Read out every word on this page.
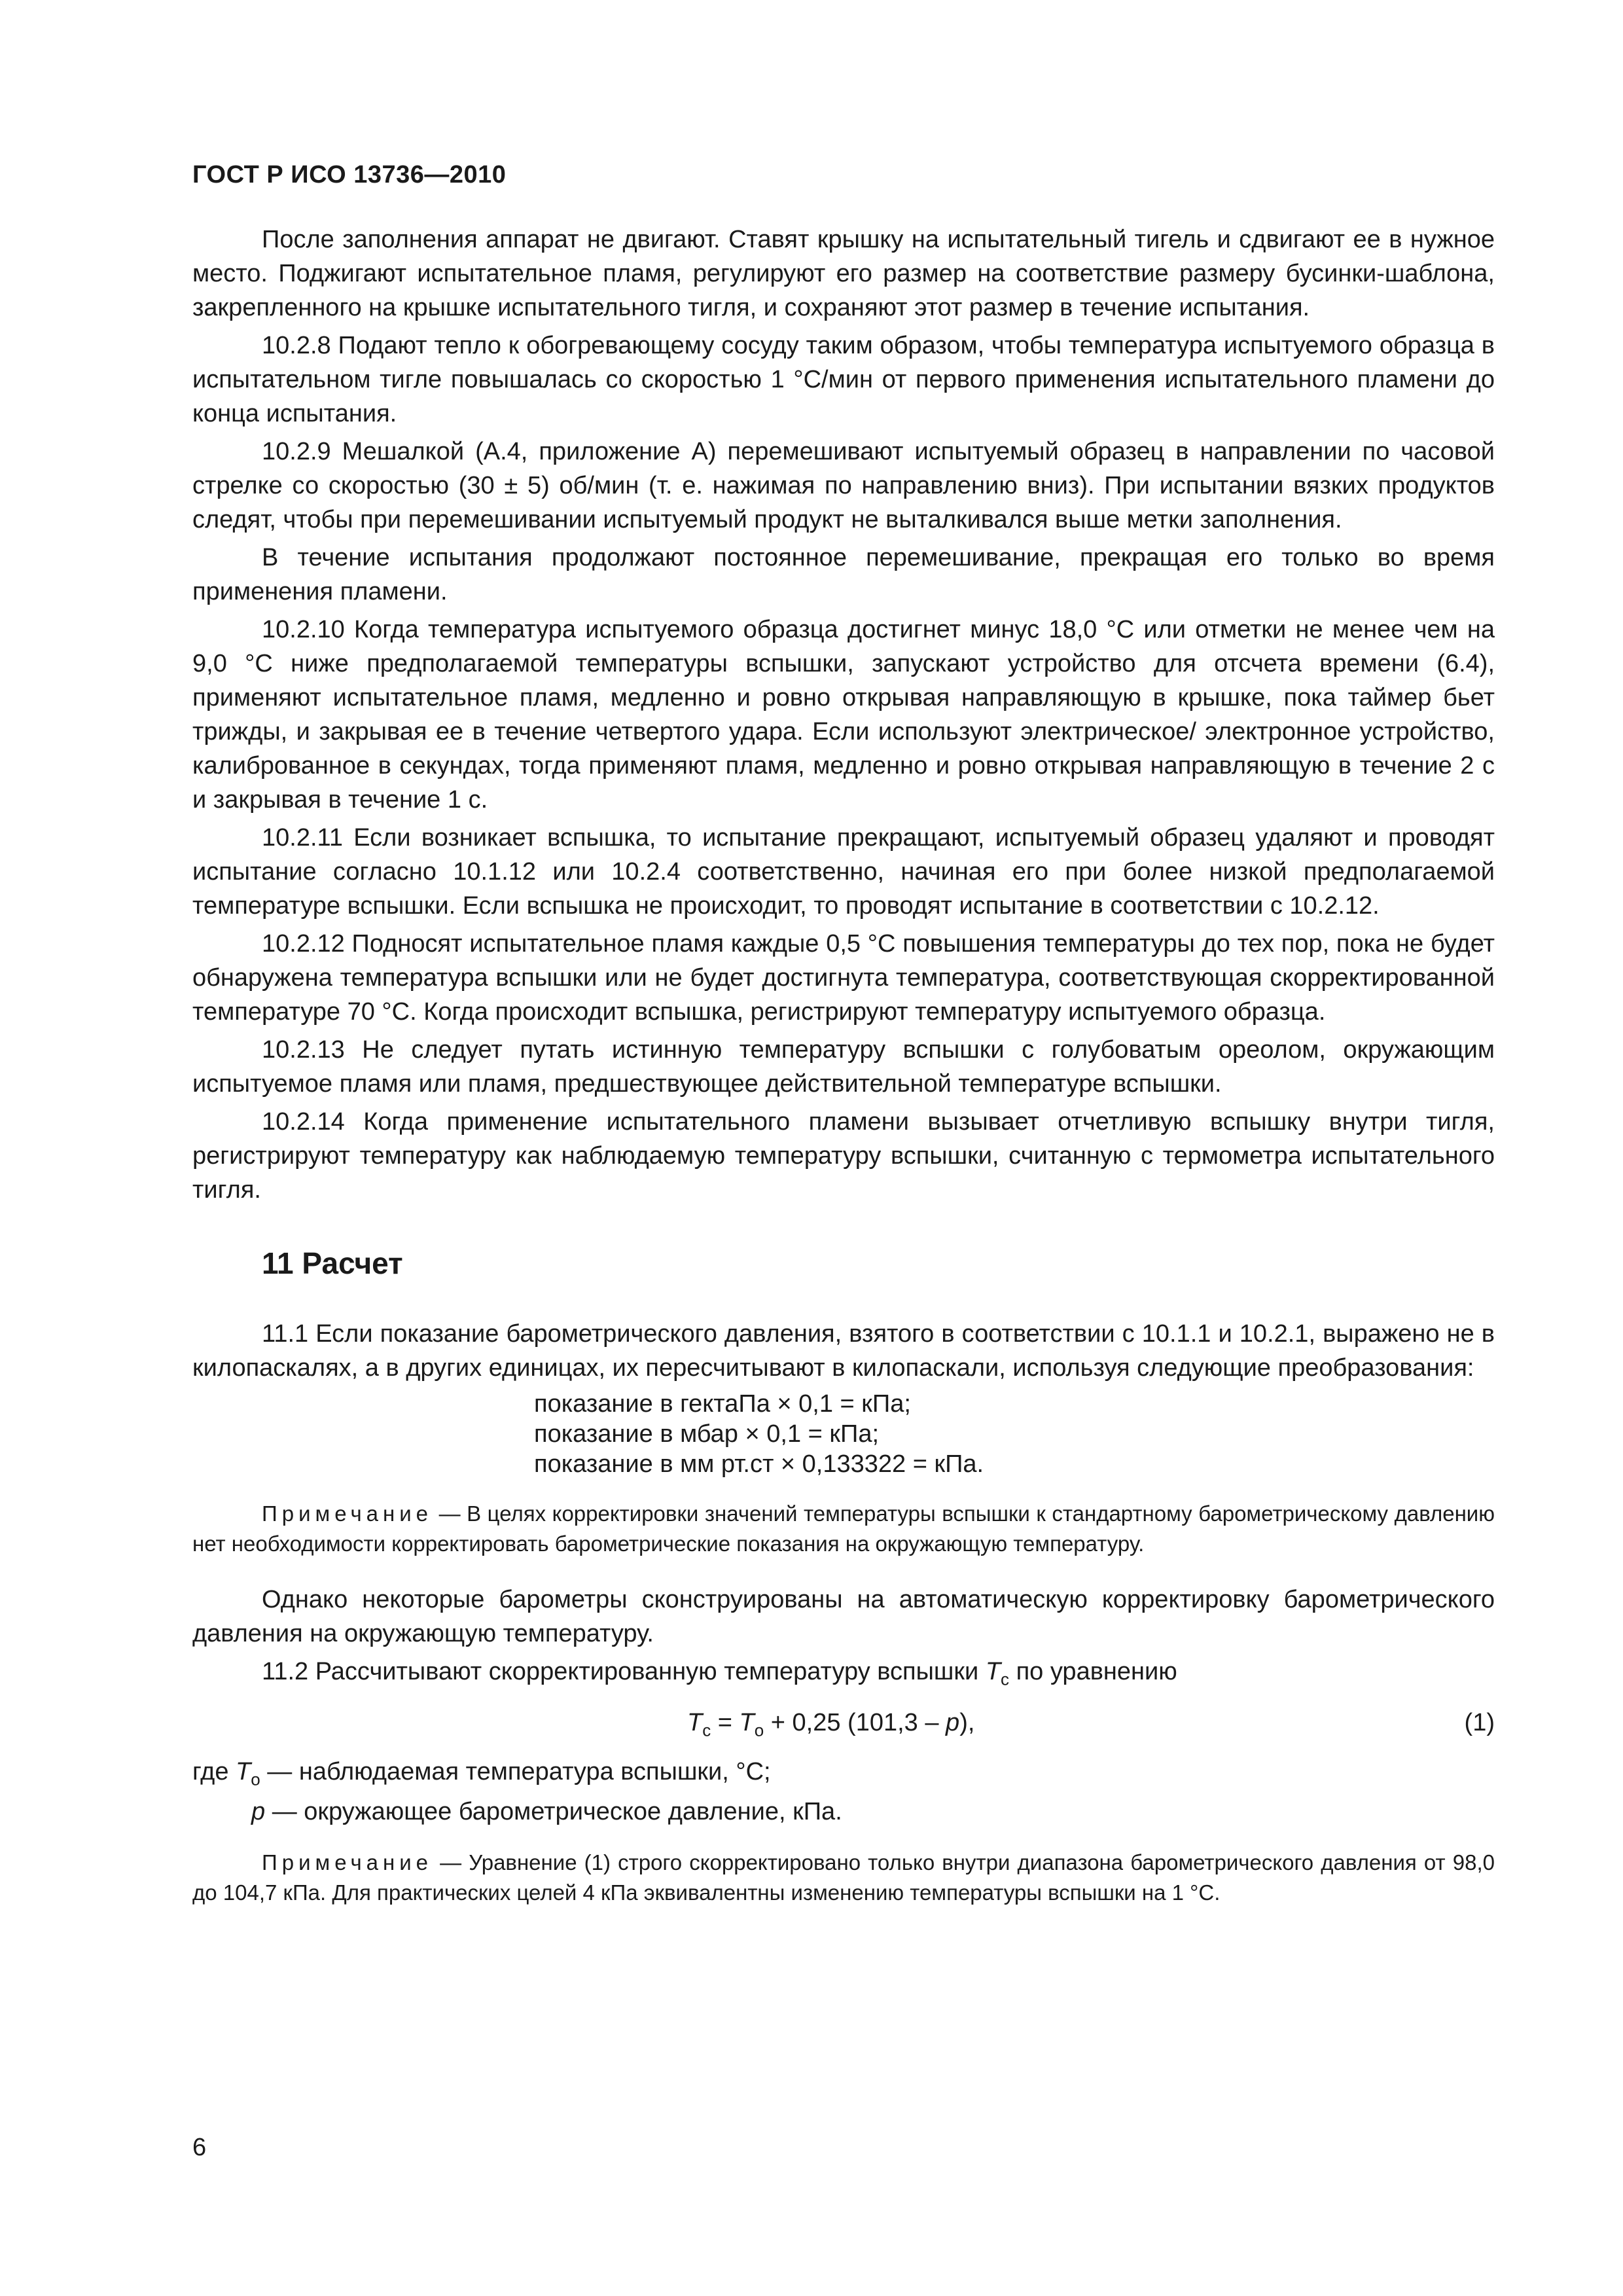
ГОСТ Р ИСО 13736—2010

После заполнения аппарат не двигают. Ставят крышку на испытательный тигель и сдвигают ее в нужное место. Поджигают испытательное пламя, регулируют его размер на соответствие размеру бусинки-шаблона, закрепленного на крышке испытательного тигля, и сохраняют этот размер в течение испытания.

10.2.8 Подают тепло к обогревающему сосуду таким образом, чтобы температура испытуемого образца в испытательном тигле повышалась со скоростью 1 °С/мин от первого применения испытательного пламени до конца испытания.

10.2.9 Мешалкой (А.4, приложение А) перемешивают испытуемый образец в направлении по часовой стрелке со скоростью (30 ± 5) об/мин (т. е. нажимая по направлению вниз). При испытании вязких продуктов следят, чтобы при перемешивании испытуемый продукт не выталкивался выше метки заполнения.

В течение испытания продолжают постоянное перемешивание, прекращая его только во время применения пламени.

10.2.10 Когда температура испытуемого образца достигнет минус 18,0 °С или отметки не менее чем на 9,0 °С ниже предполагаемой температуры вспышки, запускают устройство для отсчета времени (6.4), применяют испытательное пламя, медленно и ровно открывая направляющую в крышке, пока таймер бьет трижды, и закрывая ее в течение четвертого удара. Если используют электрическое/ электронное устройство, калиброванное в секундах, тогда применяют пламя, медленно и ровно открывая направляющую в течение 2 с и закрывая в течение 1 с.

10.2.11 Если возникает вспышка, то испытание прекращают, испытуемый образец удаляют и проводят испытание согласно 10.1.12 или 10.2.4 соответственно, начиная его при более низкой предполагаемой температуре вспышки. Если вспышка не происходит, то проводят испытание в соответствии с 10.2.12.

10.2.12 Подносят испытательное пламя каждые 0,5 °С повышения температуры до тех пор, пока не будет обнаружена температура вспышки или не будет достигнута температура, соответствующая скорректированной температуре 70 °С. Когда происходит вспышка, регистрируют температуру испытуемого образца.

10.2.13 Не следует путать истинную температуру вспышки с голубоватым ореолом, окружающим испытуемое пламя или пламя, предшествующее действительной температуре вспышки.

10.2.14 Когда применение испытательного пламени вызывает отчетливую вспышку внутри тигля, регистрируют температуру как наблюдаемую температуру вспышки, считанную с термометра испытательного тигля.

11 Расчет

11.1 Если показание барометрического давления, взятого в соответствии с 10.1.1 и 10.2.1, выражено не в килопаскалях, а в других единицах, их пересчитывают в килопаскали, используя следующие преобразования:

показание в гектаПа × 0,1 = кПа;
показание в мбар × 0,1 = кПа;
показание в мм рт.ст × 0,133322 = кПа.
Примечание — В целях корректировки значений температуры вспышки к стандартному барометрическому давлению нет необходимости корректировать барометрические показания на окружающую температуру.

Однако некоторые барометры сконструированы на автоматическую корректировку барометрического давления на окружающую температуру.

11.2 Рассчитывают скорректированную температуру вспышки $T_c$ по уравнению

$T_c = T_o + 0,25$ (101,3 – p),	(1)

где $T_o$ — наблюдаемая температура вспышки, °С;

p — окружающее барометрическое давление, кПа.

Примечание — Уравнение (1) строго скорректировано только внутри диапазона барометрического давления от 98,0 до 104,7 кПа. Для практических целей 4 кПа эквивалентны изменению температуры вспышки на 1 °С.
6
